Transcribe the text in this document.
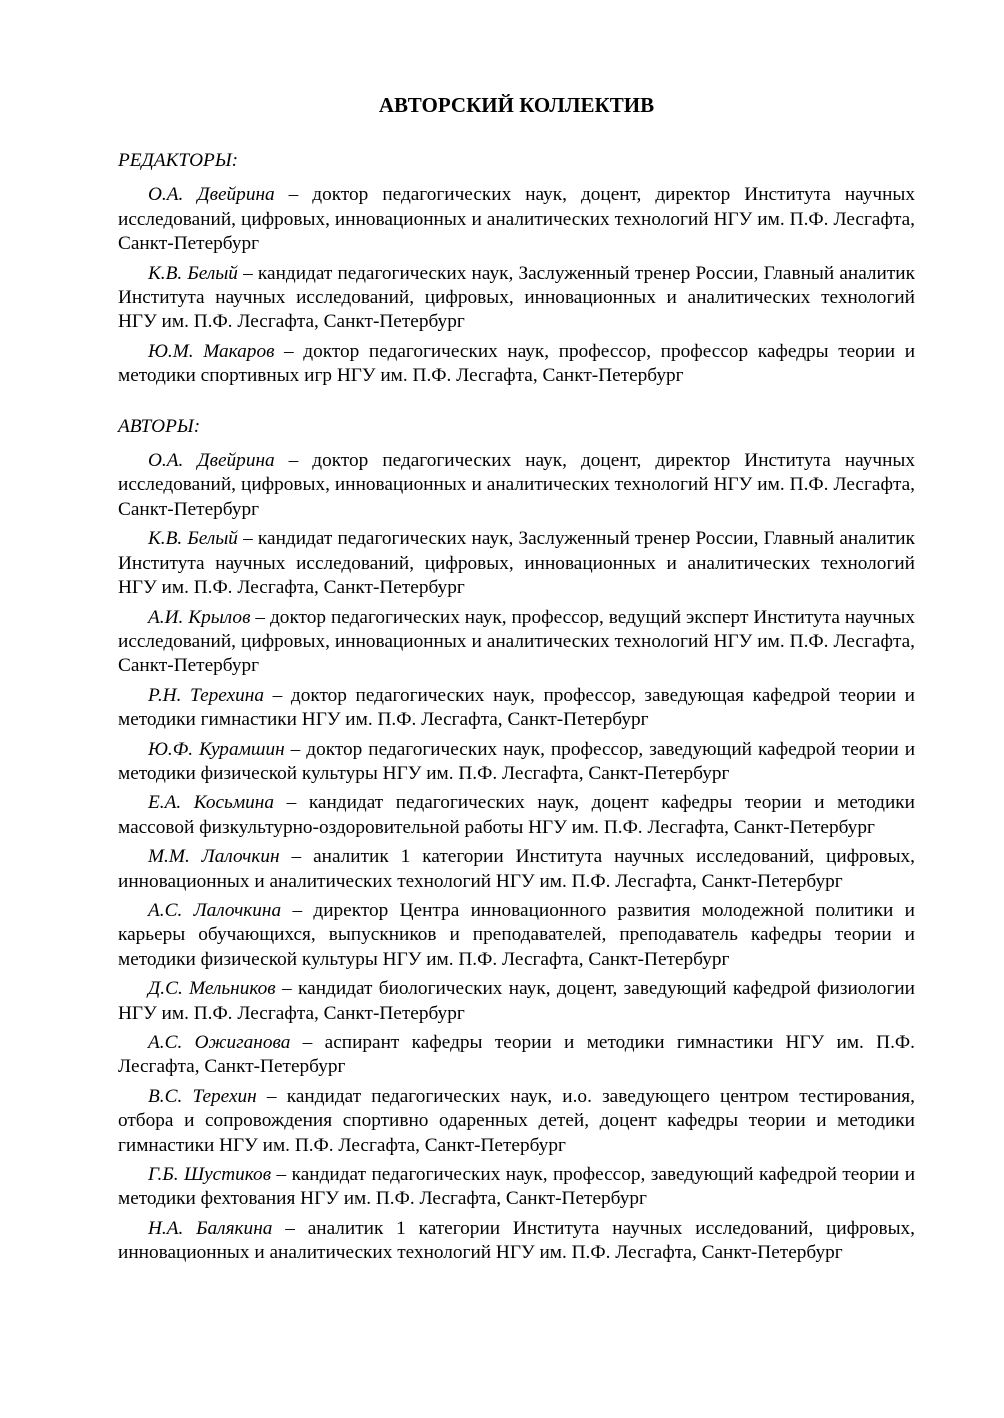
АВТОРСКИЙ КОЛЛЕКТИВ
РЕДАКТОРЫ:

О.А. Двейрина – доктор педагогических наук, доцент, директор Института научных исследований, цифровых, инновационных и аналитических технологий НГУ им. П.Ф. Лесгафта, Санкт-Петербург

К.В. Белый – кандидат педагогических наук, Заслуженный тренер России, Главный аналитик Института научных исследований, цифровых, инновационных и аналитических технологий НГУ им. П.Ф. Лесгафта, Санкт-Петербург

Ю.М. Макаров – доктор педагогических наук, профессор, профессор кафедры теории и методики спортивных игр НГУ им. П.Ф. Лесгафта, Санкт-Петербург

АВТОРЫ:

О.А. Двейрина – доктор педагогических наук, доцент, директор Института научных исследований, цифровых, инновационных и аналитических технологий НГУ им. П.Ф. Лесгафта, Санкт-Петербург

К.В. Белый – кандидат педагогических наук, Заслуженный тренер России, Главный аналитик Института научных исследований, цифровых, инновационных и аналитических технологий НГУ им. П.Ф. Лесгафта, Санкт-Петербург

А.И. Крылов – доктор педагогических наук, профессор, ведущий эксперт Института научных исследований, цифровых, инновационных и аналитических технологий НГУ им. П.Ф. Лесгафта, Санкт-Петербург

Р.Н. Терехина – доктор педагогических наук, профессор, заведующая кафедрой теории и методики гимнастики НГУ им. П.Ф. Лесгафта, Санкт-Петербург

Ю.Ф. Курамшин – доктор педагогических наук, профессор, заведующий кафедрой теории и методики физической культуры НГУ им. П.Ф. Лесгафта, Санкт-Петербург

Е.А. Косьмина – кандидат педагогических наук, доцент кафедры теории и методики массовой физкультурно-оздоровительной работы НГУ им. П.Ф. Лесгафта, Санкт-Петербург

М.М. Лалочкин – аналитик 1 категории Института научных исследований, цифровых, инновационных и аналитических технологий НГУ им. П.Ф. Лесгафта, Санкт-Петербург

А.С. Лалочкина – директор Центра инновационного развития молодежной политики и карьеры обучающихся, выпускников и преподавателей, преподаватель кафедры теории и методики физической культуры НГУ им. П.Ф. Лесгафта, Санкт-Петербург

Д.С. Мельников – кандидат биологических наук, доцент, заведующий кафедрой физиологии НГУ им. П.Ф. Лесгафта, Санкт-Петербург

А.С. Ожиганова – аспирант кафедры теории и методики гимнастики НГУ им. П.Ф. Лесгафта, Санкт-Петербург

В.С. Терехин – кандидат педагогических наук, и.о. заведующего центром тестирования, отбора и сопровождения спортивно одаренных детей, доцент кафедры теории и методики гимнастики НГУ им. П.Ф. Лесгафта, Санкт-Петербург

Г.Б. Шустиков – кандидат педагогических наук, профессор, заведующий кафедрой теории и методики фехтования НГУ им. П.Ф. Лесгафта, Санкт-Петербург

Н.А. Балякина – аналитик 1 категории Института научных исследований, цифровых, инновационных и аналитических технологий НГУ им. П.Ф. Лесгафта, Санкт-Петербург
